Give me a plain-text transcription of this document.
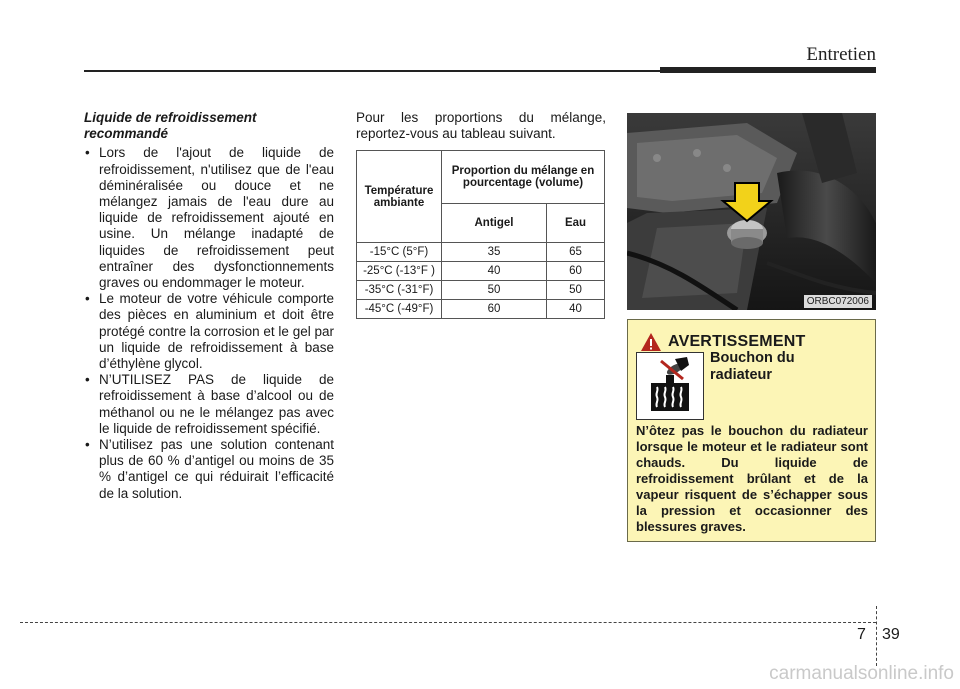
Entretien
Liquide de refroidissement
recommandé
• Lors de l'ajout de liquide de refroidissement, n'utilisez que de l'eau déminéralisée ou douce et ne mélangez jamais de l'eau dure au liquide de refroidissement ajouté en usine. Un mélange inadapté de liquides de refroidissement peut entraîner des dysfonctionnements graves ou endommager le moteur.
• Le moteur de votre véhicule comporte des pièces en aluminium et doit être protégé contre la corrosion et le gel par un liquide de refroidissement à base d’éthylène glycol.
• N’UTILISEZ PAS de liquide de refroidissement à base d’alcool ou de méthanol ou ne le mélangez pas avec le liquide de refroidissement spécifié.
• N’utilisez pas une solution contenant plus de 60 % d’antigel ou moins de 35 % d’antigel ce qui réduirait l’efficacité de la solution.

Pour les proportions du mélange, reportez-vous au tableau suivant.

Température ambiante	Proportion du mélange en pourcentage (volume)	
	Antigel	Eau
-15°C (5°F)	35	65
-25°C (-13°F )	40	60
-35°C (-31°F)	50	50
-45°C (-49°F)	60	40
ORBC072006
AVERTISSEMENT
Bouchon du radiateur
N’ôtez pas le bouchon du radiateur lorsque le moteur et le radiateur sont chauds. Du liquide de refroidissement brûlant et de la vapeur risquent de s’échapper sous la pression et occasionner des blessures graves.
7 39
carmanualsonline.info
